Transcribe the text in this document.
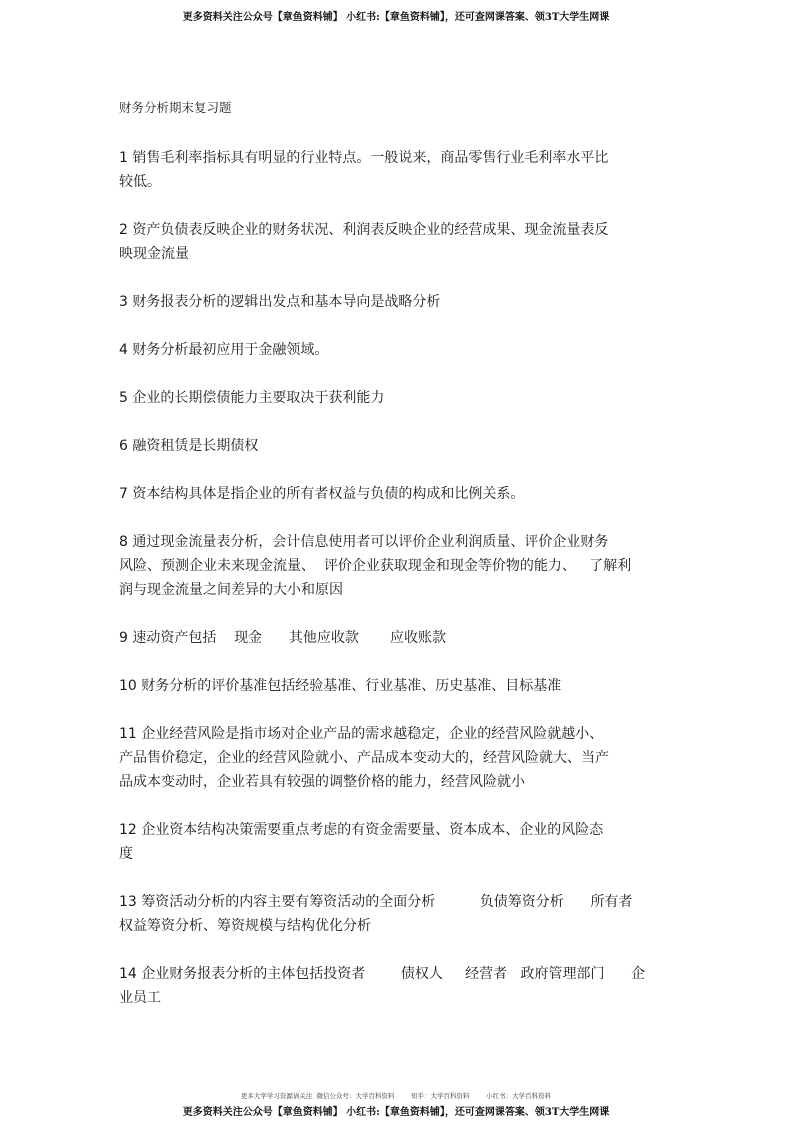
更多资料关注公众号【章鱼资料铺】 小红书:【章鱼资料铺】，还可查网课答案、领3T大学生网课
财务分析期末复习题
1 销售毛利率指标具有明显的行业特点。一般说来，商品零售行业毛利率水平比
较低。
2 资产负债表反映企业的财务状况、利润表反映企业的经营成果、现金流量表反
映现金流量
3 财务报表分析的逻辑出发点和基本导向是战略分析
4 财务分析最初应用于金融领域。
5 企业的长期偿债能力主要取决于获利能力
6 融资租赁是长期债权
7 资本结构具体是指企业的所有者权益与负债的构成和比例关系。
8 通过现金流量表分析，会计信息使用者可以评价企业利润质量、评价企业财务
风险、预测企业未来现金流量、  评价企业获取现金和现金等价物的能力、   了解利
润与现金流量之间差异的大小和原因
9 速动资产包括    现金      其他应收款       应收账款
10 财务分析的评价基准包括经验基准、行业基准、历史基准、目标基准
11 企业经营风险是指市场对企业产品的需求越稳定，企业的经营风险就越小、
产品售价稳定，企业的经营风险就小、产品成本变动大的，经营风险就大、当产
品成本变动时，企业若具有较强的调整价格的能力，经营风险就小
12 企业资本结构决策需要重点考虑的有资金需要量、资本成本、企业的风险态
度
13 筹资活动分析的内容主要有筹资活动的全面分析          负债筹资分析      所有者
权益筹资分析、筹资规模与结构优化分析
14 企业财务报表分析的主体包括投资者        债权人     经营者   政府管理部门      企
业员工
更多大学学习资源请关注  微信公众号：大学百科资料        知乎：大学百科资料        小红书：大学百科资料
更多资料关注公众号【章鱼资料铺】 小红书:【章鱼资料铺】，还可查网课答案、领3T大学生网课
